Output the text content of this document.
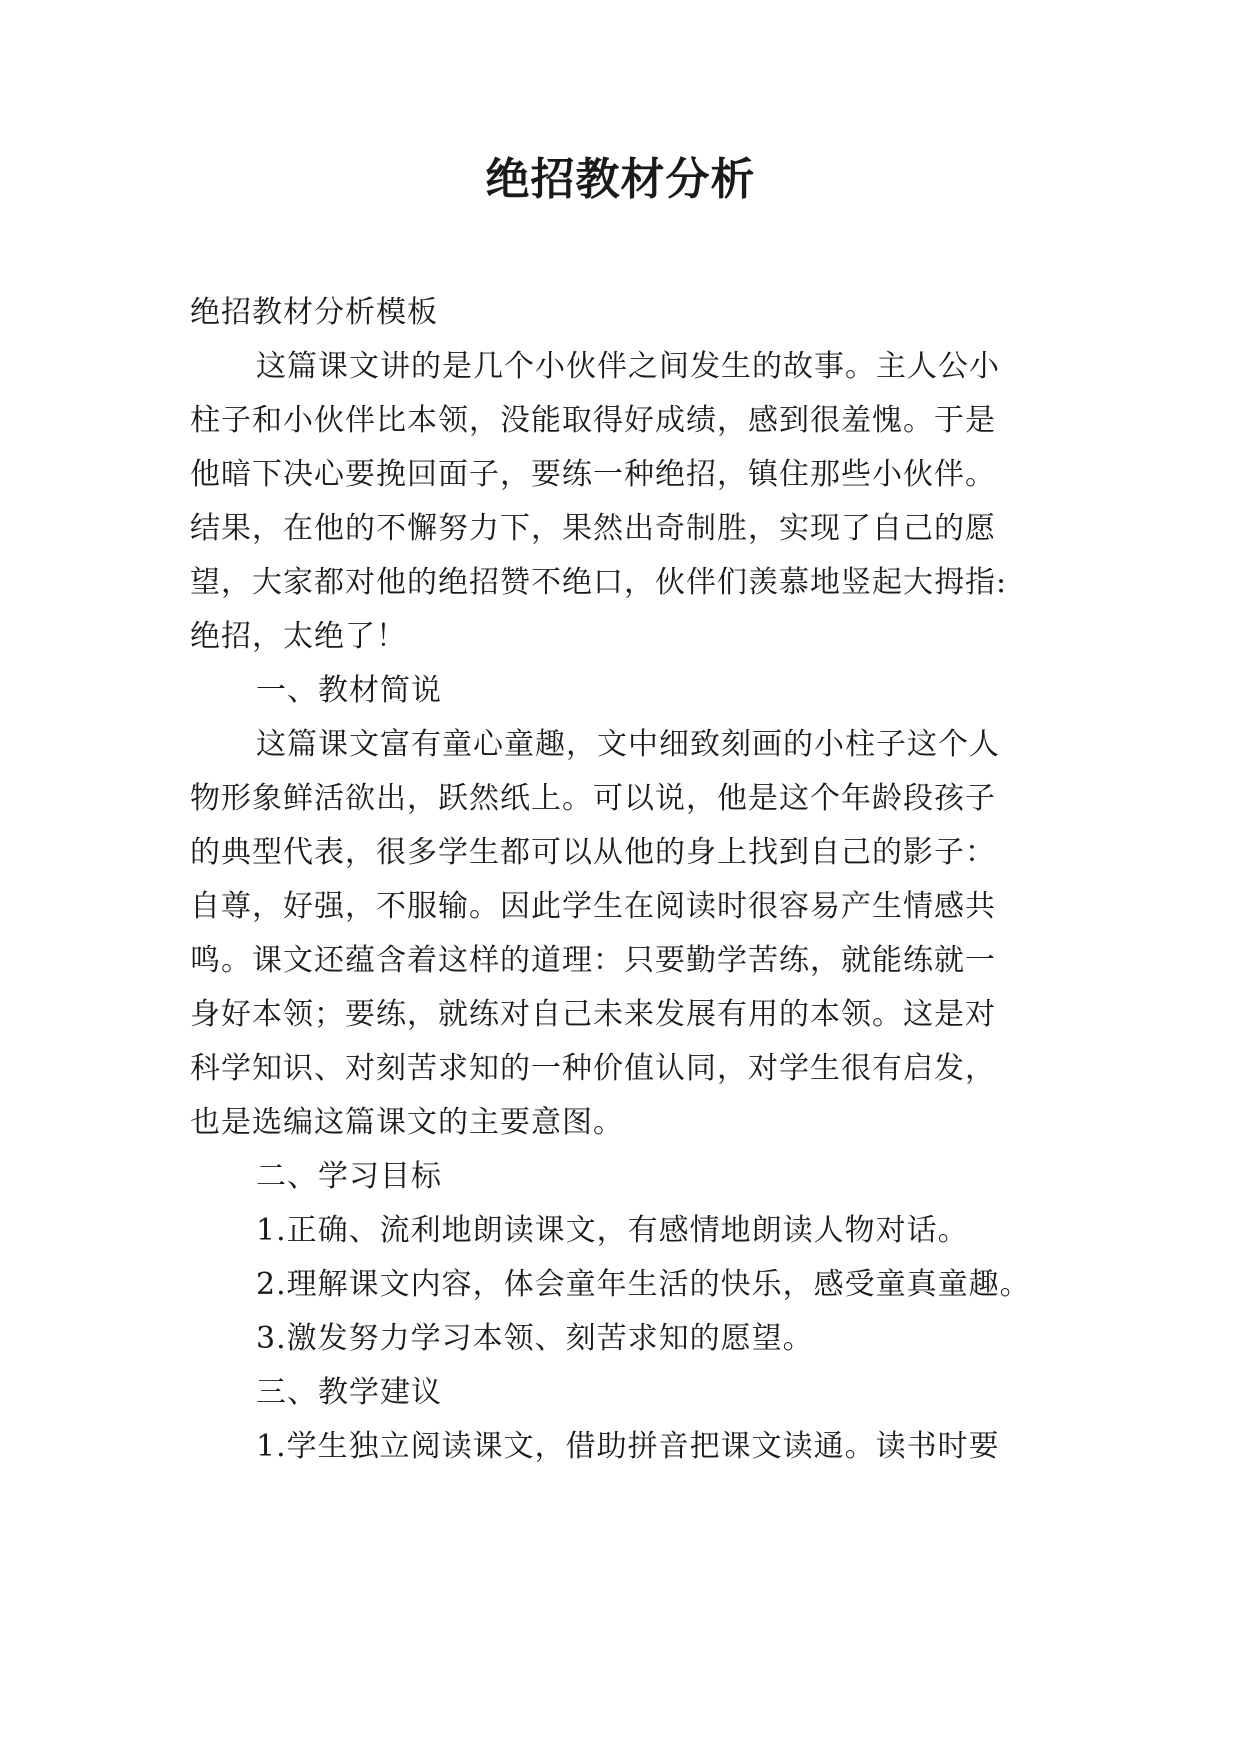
绝招教材分析
绝招教材分析模板
这篇课文讲的是几个小伙伴之间发生的故事。主人公小
柱子和小伙伴比本领，没能取得好成绩，感到很羞愧。于是
他暗下决心要挽回面子，要练一种绝招，镇住那些小伙伴。
结果，在他的不懈努力下，果然出奇制胜，实现了自己的愿
望，大家都对他的绝招赞不绝口，伙伴们羡慕地竖起大拇指:
绝招，太绝了！
一、教材简说
这篇课文富有童心童趣，文中细致刻画的小柱子这个人
物形象鲜活欲出，跃然纸上。可以说，他是这个年龄段孩子
的典型代表，很多学生都可以从他的身上找到自己的影子：
自尊，好强，不服输。因此学生在阅读时很容易产生情感共
鸣。课文还蕴含着这样的道理：只要勤学苦练，就能练就一
身好本领；要练，就练对自己未来发展有用的本领。这是对
科学知识、对刻苦求知的一种价值认同，对学生很有启发，
也是选编这篇课文的主要意图。
二、学习目标
1.正确、流利地朗读课文，有感情地朗读人物对话。
2.理解课文内容，体会童年生活的快乐，感受童真童趣。
3.激发努力学习本领、刻苦求知的愿望。
三、教学建议
1.学生独立阅读课文，借助拼音把课文读通。读书时要
